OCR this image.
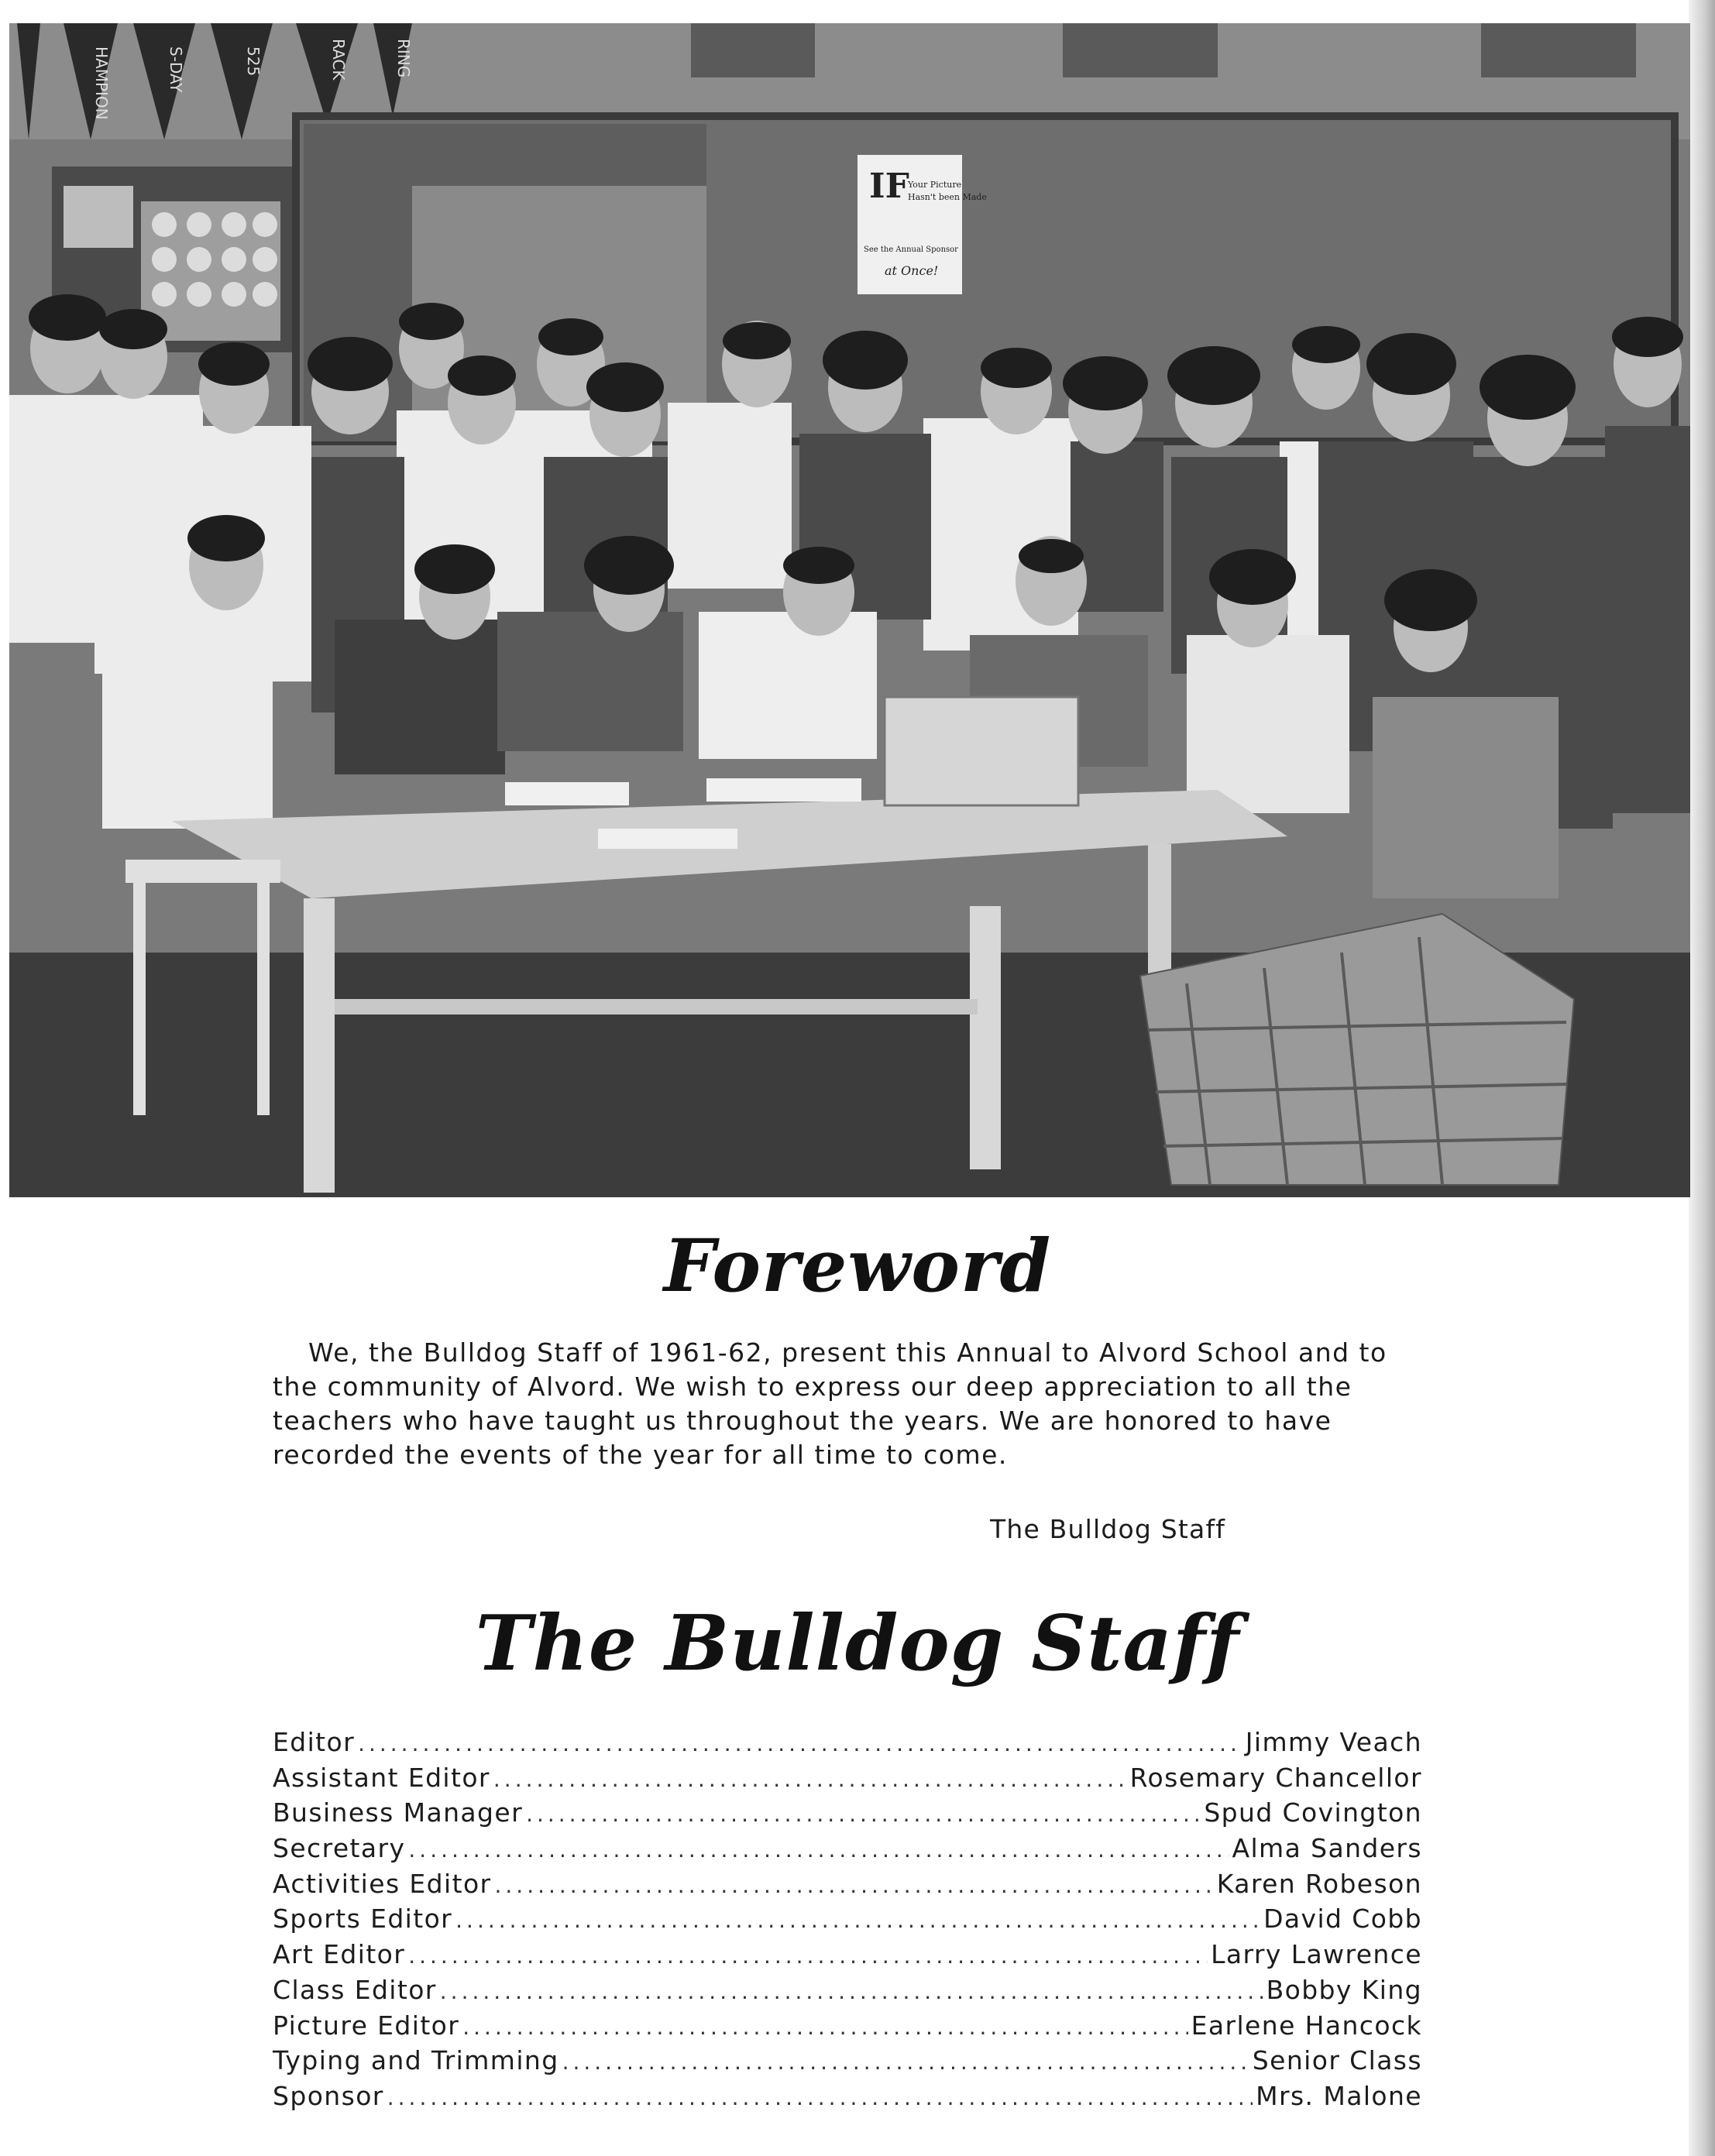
HAMPION	S-DAY	525	RACK	RING
IF
Your Picture
Hasn't been Made
See the Annual Sponsor
at Once!
Foreword
We, the Bulldog Staff of 1961-62, present this Annual to Alvord School and to the community of Alvord. We wish to express our deep appreciation to all the teachers who have taught us throughout the years. We are honored to have recorded the events of the year for all time to come.
The Bulldog Staff
The Bulldog Staff
Editor .....	Jimmy Veach
Assistant Editor .....	Rosemary Chancellor
Business Manager .....	Spud Covington
Secretary .....	Alma Sanders
Activities Editor .....	Karen Robeson
Sports Editor .....	David Cobb
Art Editor .....	Larry Lawrence
Class Editor .....	Bobby King
Picture Editor .....	Earlene Hancock
Typing and Trimming .....	Senior Class
Sponsor .....	Mrs. Malone
